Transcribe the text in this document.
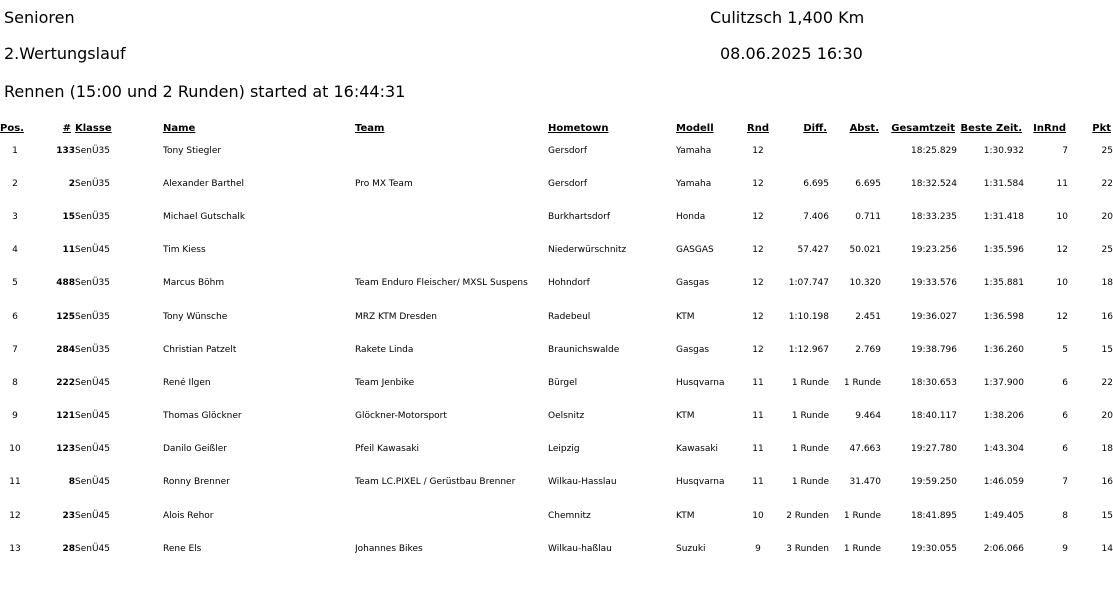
Senioren	Culitzsch 1,400 Km
2.Wertungslauf	08.06.2025 16:30
Rennen (15:00 und 2 Runden) started at 16:44:31
Pos.	#	Klasse	Name	Team	Hometown	Modell	Rnd	Diff.	Abst.	Gesamtzeit	Beste Zeit.	InRnd	Pkt
1	133	SenÜ35	Tony Stiegler		Gersdorf	Yamaha	12			18:25.829	1:30.932	7	25
2	2	SenÜ35	Alexander Barthel	Pro MX Team	Gersdorf	Yamaha	12	6.695	6.695	18:32.524	1:31.584	11	22
3	15	SenÜ35	Michael Gutschalk		Burkhartsdorf	Honda	12	7.406	0.711	18:33.235	1:31.418	10	20
4	11	SenÜ45	Tim Kiess		Niederwürschnitz	GASGAS	12	57.427	50.021	19:23.256	1:35.596	12	25
5	488	SenÜ35	Marcus Böhm	Team Enduro Fleischer/ MXSL Suspens	Hohndorf	Gasgas	12	1:07.747	10.320	19:33.576	1:35.881	10	18
6	125	SenÜ35	Tony Wünsche	MRZ KTM Dresden	Radebeul	KTM	12	1:10.198	2.451	19:36.027	1:36.598	12	16
7	284	SenÜ35	Christian Patzelt	Rakete Linda	Braunichswalde	Gasgas	12	1:12.967	2.769	19:38.796	1:36.260	5	15
8	222	SenÜ45	René Ilgen	Team Jenbike	Bürgel	Husqvarna	11	1 Runde	1 Runde	18:30.653	1:37.900	6	22
9	121	SenÜ45	Thomas Glöckner	Glöckner-Motorsport	Oelsnitz	KTM	11	1 Runde	9.464	18:40.117	1:38.206	6	20
10	123	SenÜ45	Danilo Geißler	Pfeil Kawasaki	Leipzig	Kawasaki	11	1 Runde	47.663	19:27.780	1:43.304	6	18
11	8	SenÜ45	Ronny Brenner	Team LC.PIXEL / Gerüstbau Brenner	Wilkau-Hasslau	Husqvarna	11	1 Runde	31.470	19:59.250	1:46.059	7	16
12	23	SenÜ45	Alois Rehor		Chemnitz	KTM	10	2 Runden	1 Runde	18:41.895	1:49.405	8	15
13	28	SenÜ45	Rene Els	Johannes Bikes	Wilkau-haßlau	Suzuki	9	3 Runden	1 Runde	19:30.055	2:06.066	9	14
